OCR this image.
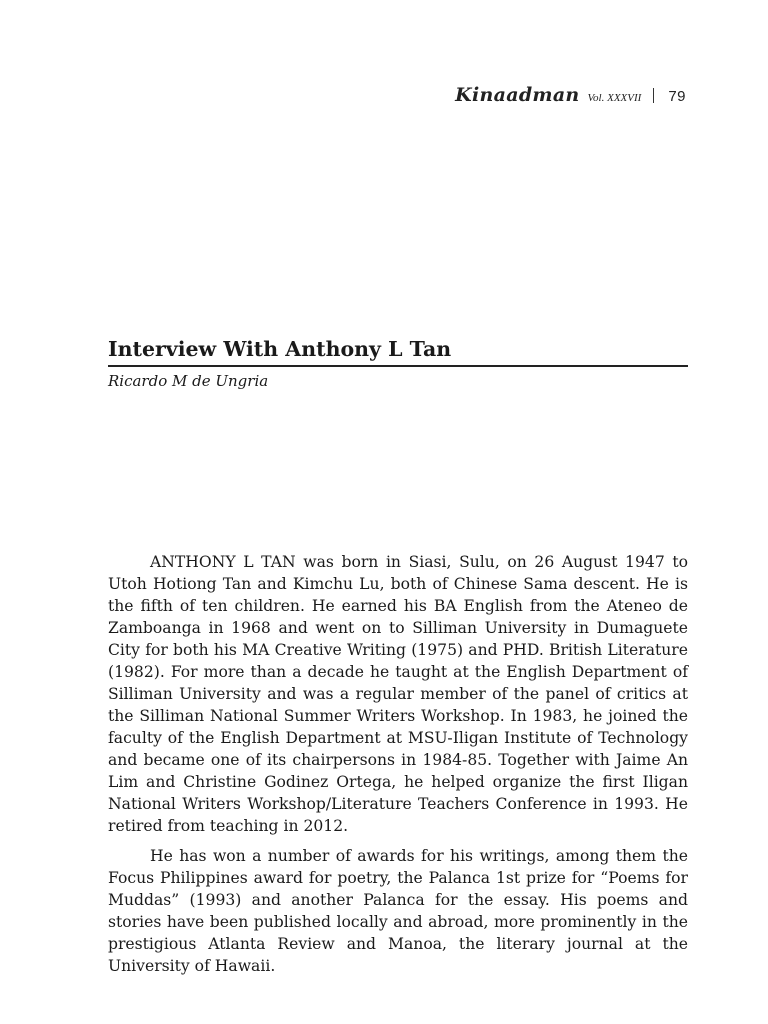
Kinaadman Vol. XXXVII 79
Interview With Anthony L Tan
Ricardo M de Ungria

ANTHONY L TAN was born in Siasi, Sulu, on 26 August 1947 to Utoh Hotiong Tan and Kimchu Lu, both of Chinese Sama descent. He is the fifth of ten children. He earned his BA English from the Ateneo de Zamboanga in 1968 and went on to Silliman University in Dumaguete City for both his MA Creative Writing (1975) and PHD. British Literature (1982). For more than a decade he taught at the English Department of Silliman University and was a regular member of the panel of critics at the Silliman National Summer Writers Workshop. In 1983, he joined the faculty of the English Department at MSU-Iligan Institute of Technology and became one of its chairpersons in 1984-85. Together with Jaime An Lim and Christine Godinez Ortega, he helped organize the first Iligan National Writers Workshop/Literature Teachers Conference in 1993. He retired from teaching in 2012.

He has won a number of awards for his writings, among them the Focus Philippines award for poetry, the Palanca 1st prize for “Poems for Muddas” (1993) and another Palanca for the essay. His poems and stories have been published locally and abroad, more prominently in the prestigious Atlanta Review and Manoa, the literary journal at the University of Hawaii.
